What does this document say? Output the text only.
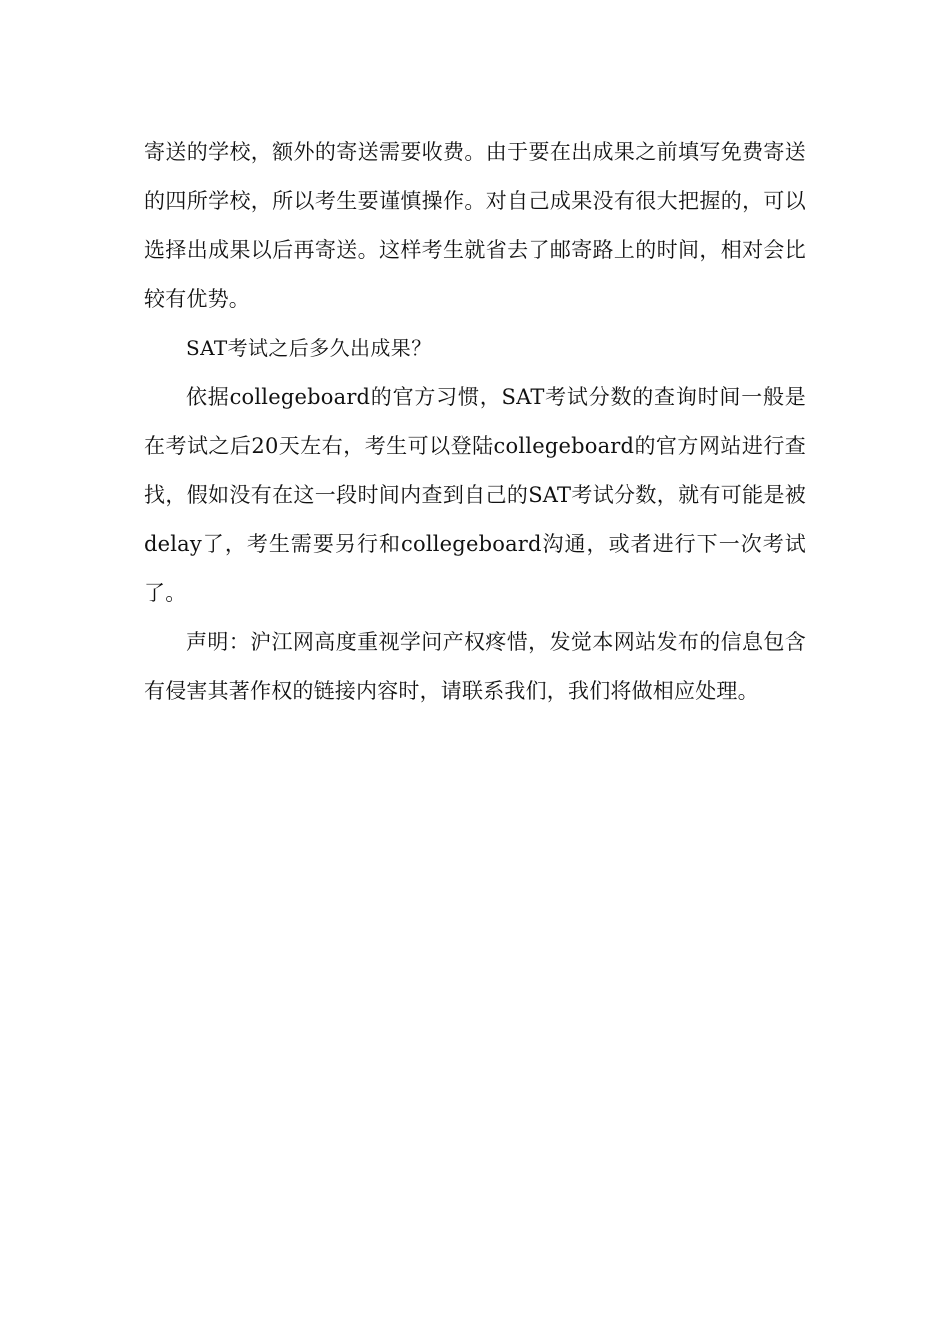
寄送的学校，额外的寄送需要收费。由于要在出成果之前填写免费寄送的四所学校，所以考生要谨慎操作。对自己成果没有很大把握的，可以选择出成果以后再寄送。这样考生就省去了邮寄路上的时间，相对会比较有优势。

SAT考试之后多久出成果？

依据collegeboard的官方习惯，SAT考试分数的查询时间一般是在考试之后20天左右，考生可以登陆collegeboard的官方网站进行查找，假如没有在这一段时间内查到自己的SAT考试分数，就有可能是被delay了，考生需要另行和collegeboard沟通，或者进行下一次考试了。

声明：沪江网高度重视学问产权疼惜，发觉本网站发布的信息包含有侵害其著作权的链接内容时，请联系我们，我们将做相应处理。
